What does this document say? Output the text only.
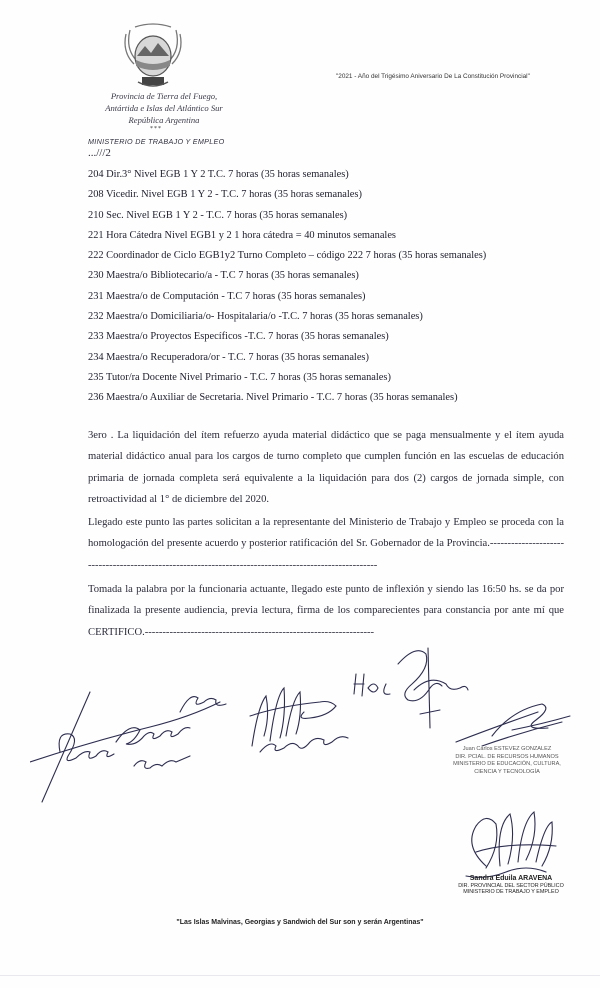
"2021 - Año del Trigésimo Aniversario De La Constitución Provincial"
Provincia de Tierra del Fuego,
Antártida e Islas del Atlántico Sur
República Argentina
***
MINISTERIO DE TRABAJO Y EMPLEO
...///2
204 Dir.3° Nivel EGB 1 Y 2 T.C. 7 horas (35 horas semanales)
208 Vicedir. Nivel EGB 1 Y 2 - T.C. 7 horas (35 horas semanales)
210 Sec. Nivel EGB 1 Y 2 - T.C. 7 horas (35 horas semanales)
221 Hora Cátedra Nivel EGB1 y 2 1 hora cátedra = 40 minutos semanales
222 Coordinador de Ciclo EGB1y2 Turno Completo – código 222 7 horas (35 horas semanales)
230 Maestra/o Bibliotecario/a - T.C 7 horas (35 horas semanales)
231 Maestra/o de Computación - T.C 7 horas (35 horas semanales)
232 Maestra/o Domiciliaria/o- Hospitalaria/o -T.C. 7 horas (35 horas semanales)
233 Maestra/o Proyectos Específicos -T.C. 7 horas (35 horas semanales)
234 Maestra/o Recuperadora/or - T.C. 7 horas (35 horas semanales)
235 Tutor/ra Docente Nivel Primario - T.C. 7 horas (35 horas semanales)
236 Maestra/o Auxiliar de Secretaria. Nivel Primario - T.C. 7 horas (35 horas semanales)
3ero . La liquidación del ítem refuerzo ayuda material didáctico que se paga mensualmente y el ítem ayuda material didáctico anual para los cargos de turno completo que cumplen función en las escuelas de educación primaria de jornada completa será equivalente a la liquidación para dos (2) cargos de jornada simple, con retroactividad al 1° de diciembre del 2020.
Llegado este punto las partes solicitan a la representante del Ministerio de Trabajo y Empleo se proceda con la homologación del presente acuerdo y posterior ratificación del Sr. Gobernador de la Provincia.-------------------------------------------------------------------------------------------------------
Tomada la palabra por la funcionaria actuante, llegado este punto de inflexión y siendo las 16:50 hs. se da por finalizada la presente audiencia, previa lectura, firma de los comparecientes para constancia por ante mí que CERTIFICO.-----------------------------------------------------------------
Juan Carlos ESTEVEZ GONZALEZ
DIR. PCIAL. DE RECURSOS HUMANOS
MINISTERIO DE EDUCACIÓN, CULTURA,
CIENCIA Y TECNOLOGÍA
Sandra Eduila ARAVENA
DIR. PROVINCIAL DEL SECTOR PÚBLICO
MINISTERIO DE TRABAJO Y EMPLEO
"Las Islas Malvinas, Georgias y Sandwich del Sur son y serán Argentinas"
